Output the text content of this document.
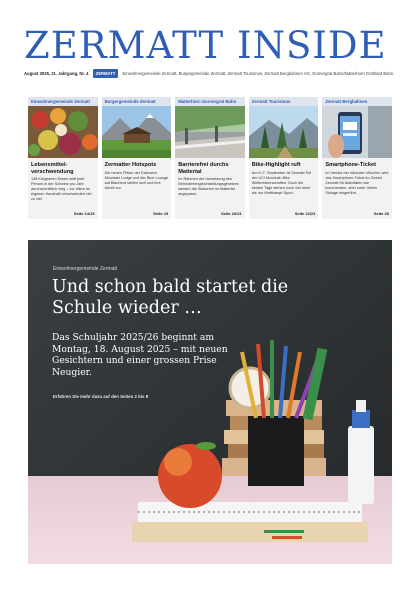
ZERMATT INSIDE
August 2025, 21. Jahrgang, Nr. 4 ZERMATT Einwohnergemeinde Zermatt, Burgergemeinde Zermatt, Zermatt Tourismus, Zermatt Bergbahnen AG, Gornergrat Bahn/Matterhorn Gotthard Bahn
Einwohnergemeinde Zermatt
Lebensmittel-verschwendung
138 Kilogramm Essen wirft jede Person in der Schweiz pro Jahr durchschnittlich weg – vor allem im eigenen Haushalt verschwinden viel zu viel.
Seite 14/15
Burgergemeinde Zermatt
Zermatter Hotspots
Die neuen Plätze der Exklusive Mountain Lodge und der Blue Lounge auf Blauherd stellen sich und ihre Arbeit vor.
Seite 19
Matterhorn Gornergrat Bahn
Barrierefrei durchs Mattertal
Im Rahmen der Umsetzung des Behindertengleichstellungsgesetzes werden die Stationen im Mattertal angepasst.
Seite 20/21
Zermatt Tourismus
Bike-Highlight ruft
Am 6./7. September ist Zermatt Teil der UCI Mountain Bike Weltmeisterschaften. Doch die besten Tage stehen noch viel mehr als nur Wettkampf-Sport.
Seite 22/23
Zermatt Bergbahnen
Smartphone-Ticket
Im Verlauf der nächsten Wochen wird das Smartphone-Ticket im Gebiet Zermatt für Aktivitäten wie kommenden, aber unter Vielen Skitage eingeführt.
Seite 26
Einwohnergemeinde Zermatt
Und schon bald startet die Schule wieder …
Das Schuljahr 2025/26 beginnt am Montag, 18. August 2025 – mit neuen Gesichtern und einer grossen Prise Neugier.
Erfahren Sie mehr dazu auf den Seiten 2 bis 8
